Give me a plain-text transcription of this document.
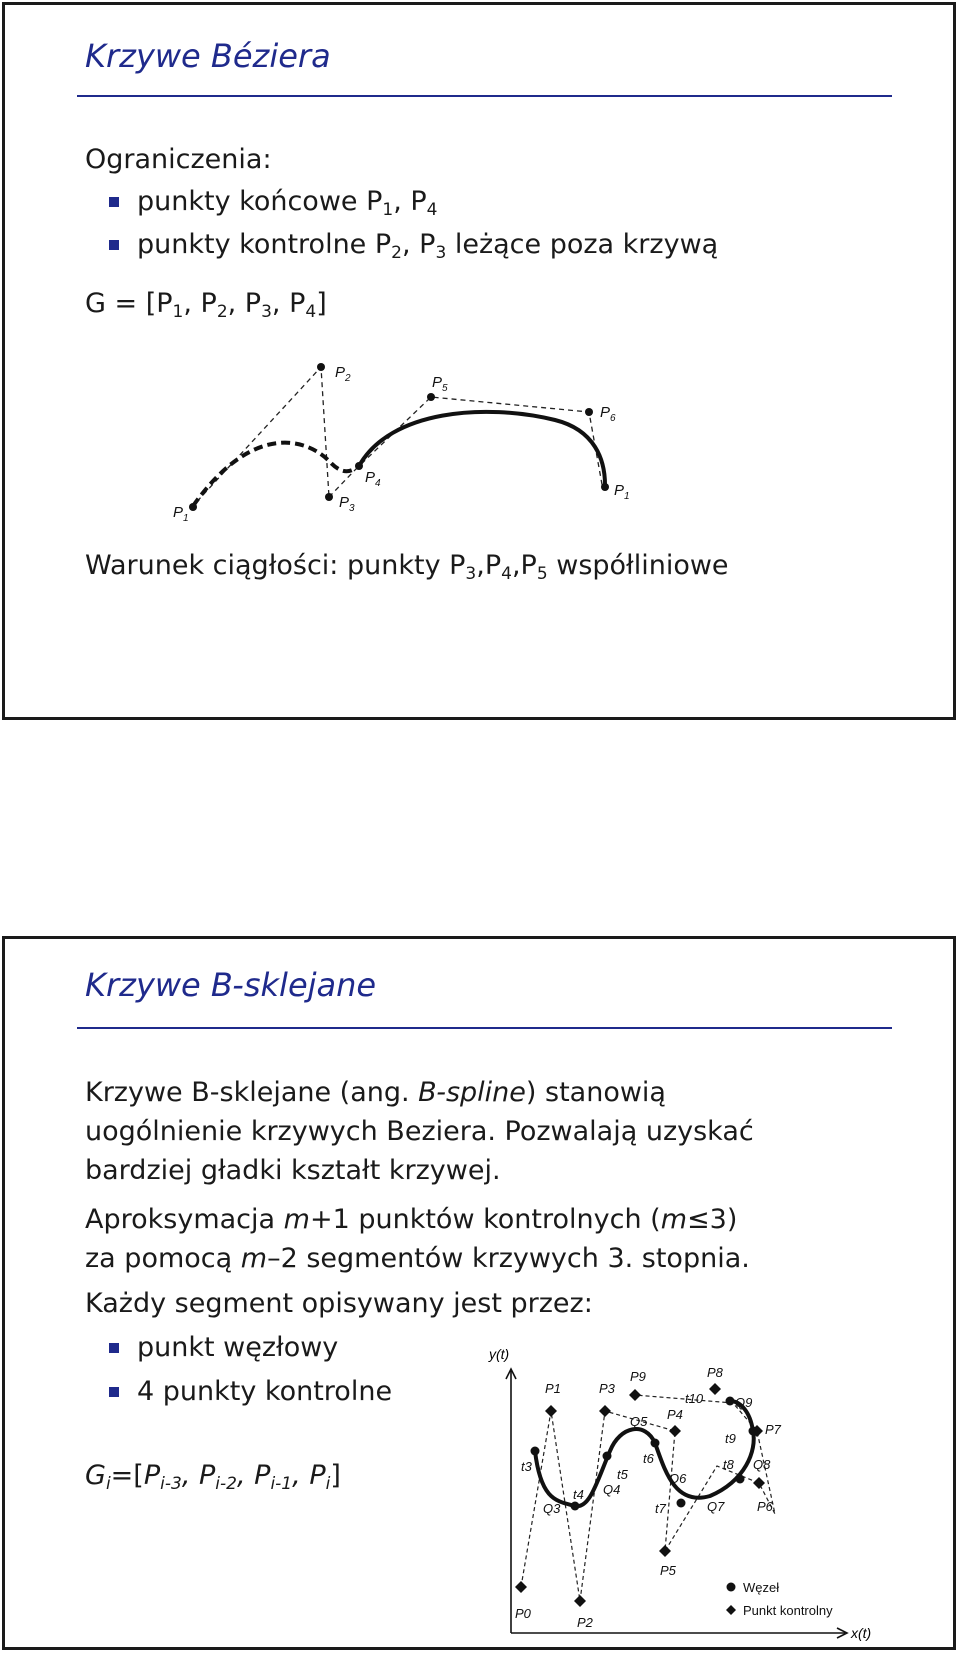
Krzywe Béziera
Ograniczenia:
punkty końcowe $P_1$, $P_4$
punkty kontrolne $P_2$, $P_3$ leżące poza krzywą
$G = [P_1$, $P_2$, $P_3$, $P_4$]
$P_1$
$P_2$
$P_3$
$P_4$
$P_5$
$P_6$
$P_1$
Warunek ciągłości: punkty $P_3,P_4,P_5$ współliniowe
Krzywe B-sklejane
Krzywe B-sklejane (ang. B-spline) stanowią
uogólnienie krzywych Beziera. Pozwalają uzyskać
bardziej gładki kształt krzywej.
Aproksymacja m+1 punktów kontrolnych (m≤3)
za pomocą m–2 segmentów krzywych 3. stopnia.
Każdy segment opisywany jest przez:
punkt węzłowy
4 punkty kontrolne
$G_i=[P_{i-3}$, $P_{i-2}$, $P_{i-1}$, $P_i$]
y(t)
x(t)
P0
P1
P2
P3
P4
P5
P6
P7
P8
P9
t3
t4
t5
t6
t7
t8
t9
t10
Q3
Q4
Q5
Q6
Q7
Q8
Q9
Węzeł
Punkt kontrolny
